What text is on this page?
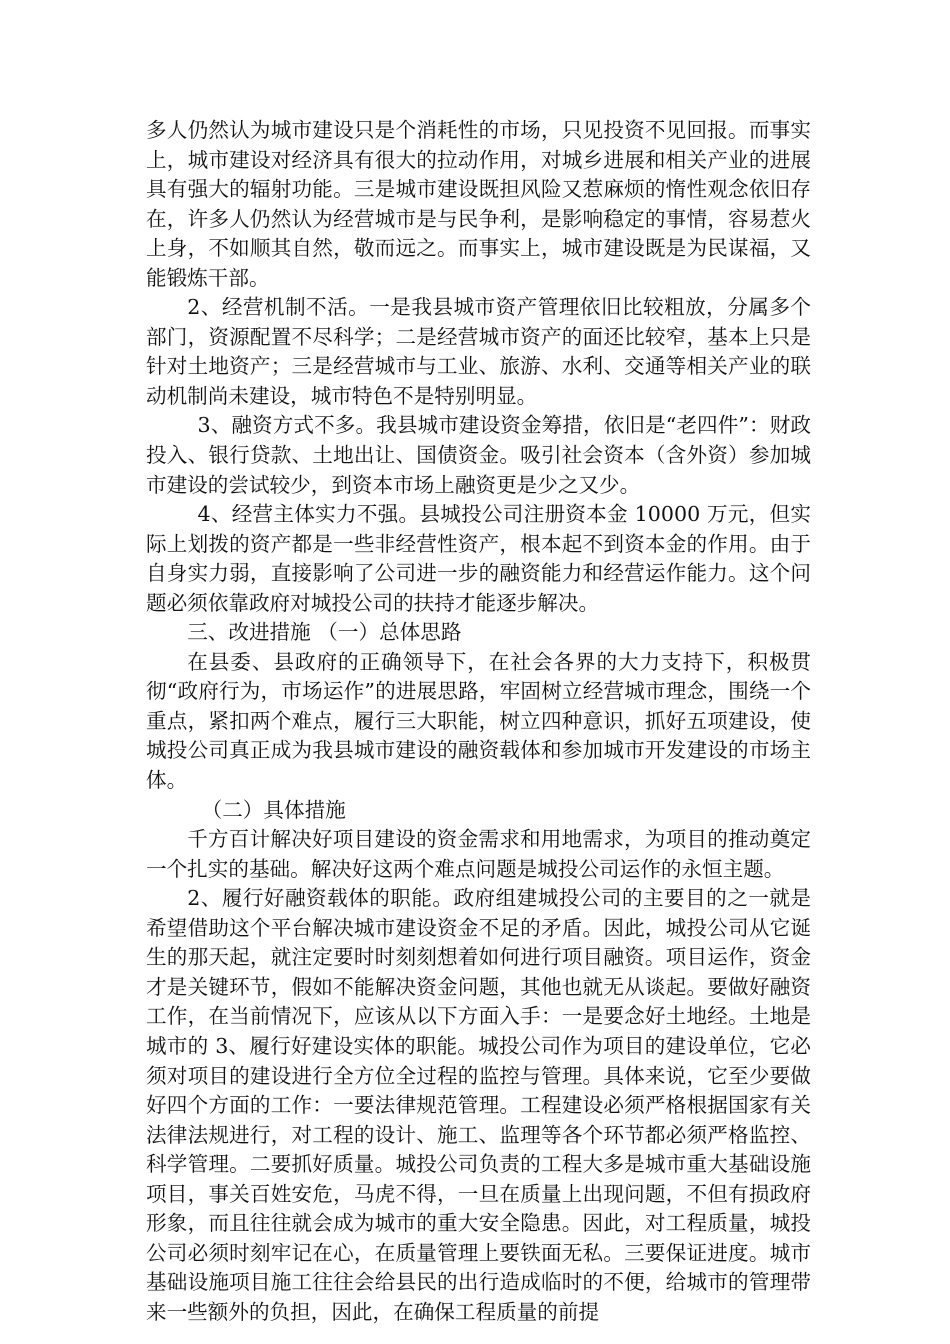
多人仍然认为城市建设只是个消耗性的市场，只见投资不见回报。而事实上，城市建设对经济具有很大的拉动作用，对城乡进展和相关产业的进展具有强大的辐射功能。三是城市建设既担风险又惹麻烦的惰性观念依旧存在，许多人仍然认为经营城市是与民争利，是影响稳定的事情，容易惹火上身，不如顺其自然，敬而远之。而事实上，城市建设既是为民谋福，又能锻炼干部。

2、经营机制不活。一是我县城市资产管理依旧比较粗放，分属多个部门，资源配置不尽科学；二是经营城市资产的面还比较窄，基本上只是针对土地资产；三是经营城市与工业、旅游、水利、交通等相关产业的联动机制尚未建设，城市特色不是特别明显。

3、融资方式不多。我县城市建设资金筹措，依旧是“老四件”：财政投入、银行贷款、土地出让、国债资金。吸引社会资本（含外资）参加城市建设的尝试较少，到资本市场上融资更是少之又少。

4、经营主体实力不强。县城投公司注册资本金 10000 万元，但实际上划拨的资产都是一些非经营性资产，根本起不到资本金的作用。由于自身实力弱，直接影响了公司进一步的融资能力和经营运作能力。这个问题必须依靠政府对城投公司的扶持才能逐步解决。

三、改进措施 （一）总体思路

在县委、县政府的正确领导下，在社会各界的大力支持下，积极贯彻“政府行为，市场运作”的进展思路，牢固树立经营城市理念，围绕一个重点，紧扣两个难点，履行三大职能，树立四种意识，抓好五项建设，使城投公司真正成为我县城市建设的融资载体和参加城市开发建设的市场主体。

（二）具体措施

千方百计解决好项目建设的资金需求和用地需求，为项目的推动奠定一个扎实的基础。解决好这两个难点问题是城投公司运作的永恒主题。

2、履行好融资载体的职能。政府组建城投公司的主要目的之一就是希望借助这个平台解决城市建设资金不足的矛盾。因此，城投公司从它诞生的那天起，就注定要时时刻刻想着如何进行项目融资。项目运作，资金才是关键环节，假如不能解决资金问题，其他也就无从谈起。要做好融资工作，在当前情况下，应该从以下方面入手：一是要念好土地经。土地是城市的 3、履行好建设实体的职能。城投公司作为项目的建设单位，它必须对项目的建设进行全方位全过程的监控与管理。具体来说，它至少要做好四个方面的工作：一要法律规范管理。工程建设必须严格根据国家有关法律法规进行，对工程的设计、施工、监理等各个环节都必须严格监控、科学管理。二要抓好质量。城投公司负责的工程大多是城市重大基础设施项目，事关百姓安危，马虎不得，一旦在质量上出现问题，不但有损政府形象，而且往往就会成为城市的重大安全隐患。因此，对工程质量，城投公司必须时刻牢记在心，在质量管理上要铁面无私。三要保证进度。城市基础设施项目施工往往会给县民的出行造成临时的不便，给城市的管理带来一些额外的负担，因此，在确保工程质量的前提
